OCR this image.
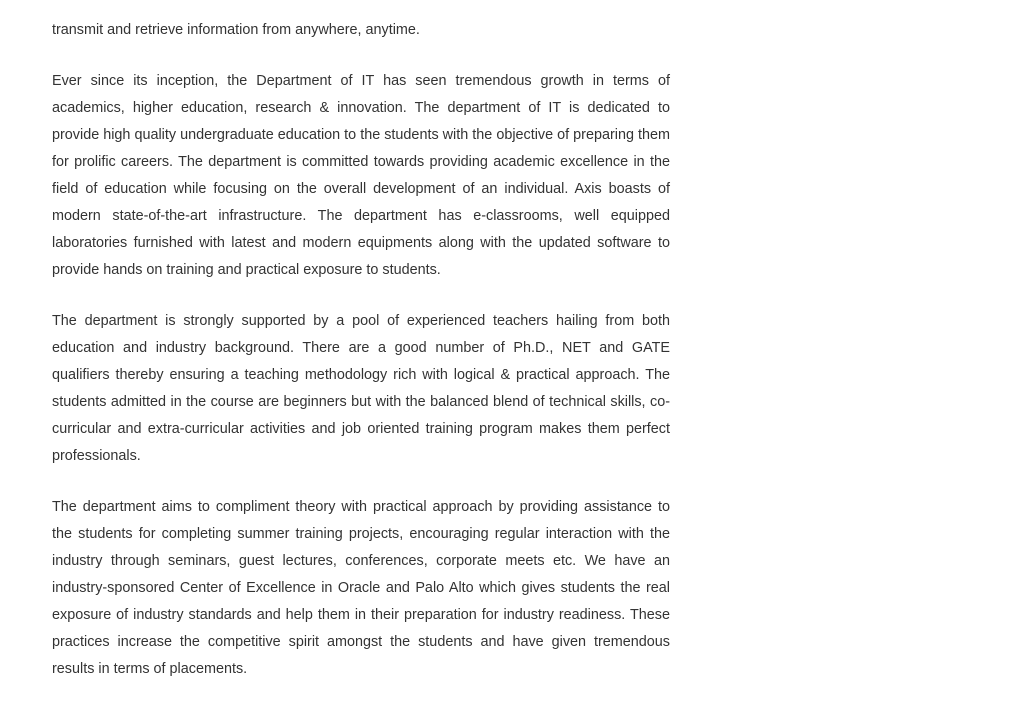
transmit and retrieve information from anywhere, anytime.

Ever since its inception, the Department of IT has seen tremendous growth in terms of academics, higher education, research & innovation. The department of IT is dedicated to provide high quality undergraduate education to the students with the objective of preparing them for prolific careers. The department is committed towards providing academic excellence in the field of education while focusing on the overall development of an individual. Axis boasts of modern state-of-the-art infrastructure. The department has e-classrooms, well equipped laboratories furnished with latest and modern equipments along with the updated software to provide hands on training and practical exposure to students.

The department is strongly supported by a pool of experienced teachers hailing from both education and industry background. There are a good number of Ph.D., NET and GATE qualifiers thereby ensuring a teaching methodology rich with logical & practical approach. The students admitted in the course are beginners but with the balanced blend of technical skills, co-curricular and extra-curricular activities and job oriented training program makes them perfect professionals.

The department aims to compliment theory with practical approach by providing assistance to the students for completing summer training projects, encouraging regular interaction with the industry through seminars, guest lectures, conferences, corporate meets etc. We have an industry-sponsored Center of Excellence in Oracle and Palo Alto which gives students the real exposure of industry standards and help them in their preparation for industry readiness. These practices increase the competitive spirit amongst the students and have given tremendous results in terms of placements.
